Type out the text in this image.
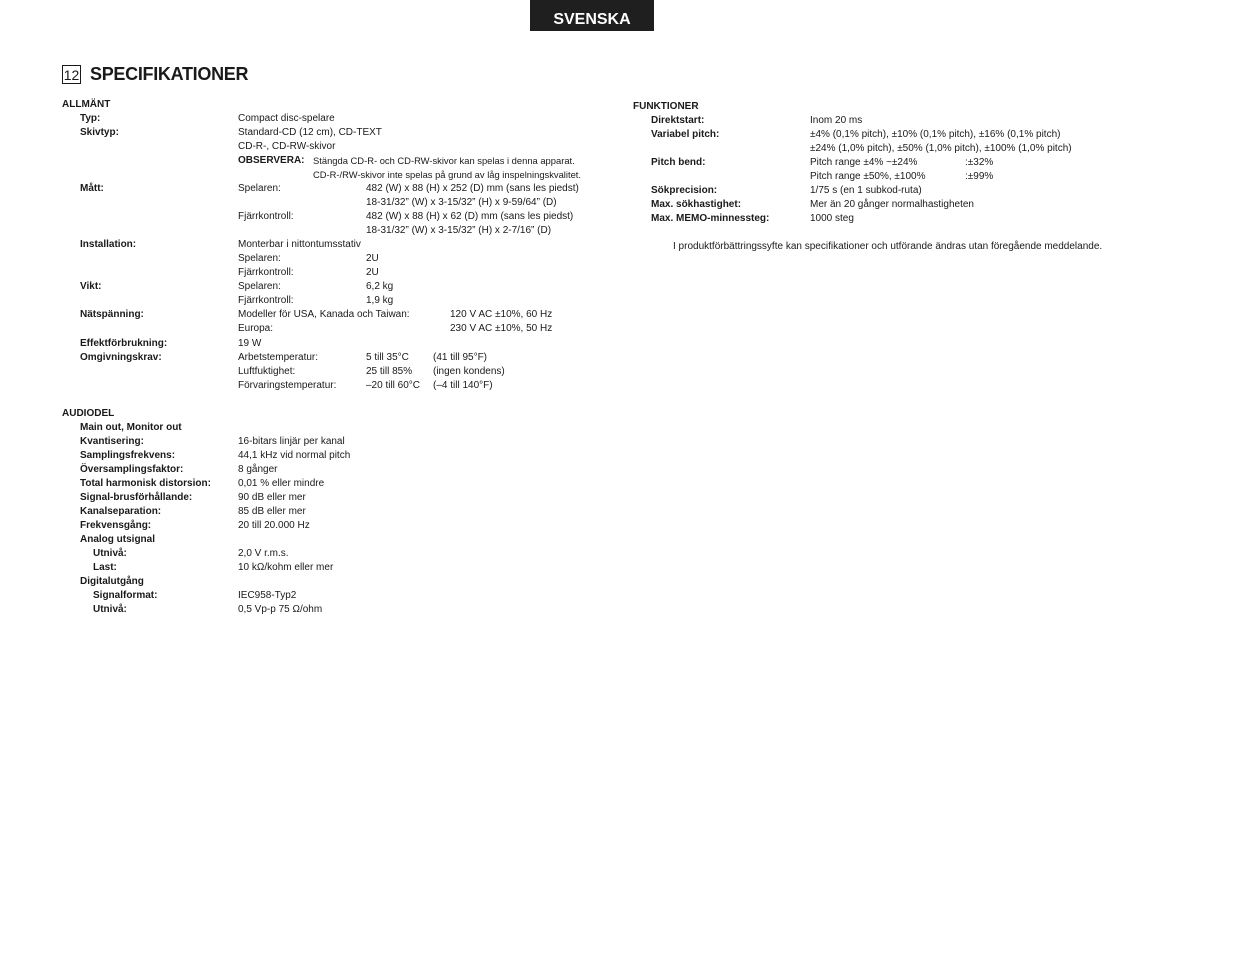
SVENSKA
12 SPECIFIKATIONER
ALLMÄNT
Typ:	Compact disc-spelare
Skivtyp:	Standard-CD (12 cm), CD-TEXT
CD-R-, CD-RW-skivor
OBSERVERA: Stängda CD-R- och CD-RW-skivor kan spelas i denna apparat.
CD-R-/RW-skivor inte spelas på grund av låg inspelningskvalitet.
Mått:	Spelaren:	482 (W) x 88 (H) x 252 (D) mm (sans les piedst)
18-31/32” (W) x 3-15/32” (H) x 9-59/64” (D)
Fjärrkontroll:	482 (W) x 88 (H) x 62 (D) mm (sans les piedst)
18-31/32” (W) x 3-15/32” (H) x 2-7/16” (D)
Installation:	Monterbar i nittontumsstativ
Spelaren:	2U
Fjärrkontroll:	2U
Vikt:	Spelaren:	6,2 kg
Fjärrkontroll:	1,9 kg
Nätspänning:	Modeller för USA, Kanada och Taiwan:	120 V AC ±10%, 60 Hz
Europa:	230 V AC ±10%, 50 Hz
Effektförbrukning:	19 W
Omgivningskrav:	Arbetstemperatur:	5 till 35°C (41 till 95°F)
Luftfuktighet:	25 till 85% (ingen kondens)
Förvaringstemperatur:	–20 till 60°C (–4 till 140°F)
AUDIODEL
Main out, Monitor out
Kvantisering:	16-bitars linjär per kanal
Samplingsfrekvens:	44,1 kHz vid normal pitch
Översamplingsfaktor:	8 gånger
Total harmonisk distorsion:	0,01 % eller mindre
Signal-brusförhållande:	90 dB eller mer
Kanalseparation:	85 dB eller mer
Frekvensgång:	20 till 20.000 Hz
Analog utsignal
Utnivå:	2,0 V r.m.s.
Last:	10 kΩ/kohm eller mer
Digitalutgång
Signalformat:	IEC958-Typ2
Utnivå:	0,5 Vp-p 75 Ω/ohm
FUNKTIONER
Direktstart:	Inom 20 ms
Variabel pitch:	±4% (0,1% pitch), ±10% (0,1% pitch), ±16% (0,1% pitch)
±24% (1,0% pitch), ±50% (1,0% pitch), ±100% (1,0% pitch)
Pitch bend:	Pitch range ±4% ~±24%	:±32%
Pitch range ±50%, ±100%	:±99%
Sökprecision:	1/75 s (en 1 subkod-ruta)
Max. sökhastighet:	Mer än 20 gånger normalhastigheten
Max. MEMO-minnessteg:	1000 steg
I produktförbättringssyfte kan specifikationer och utförande ändras utan föregående meddelande.
